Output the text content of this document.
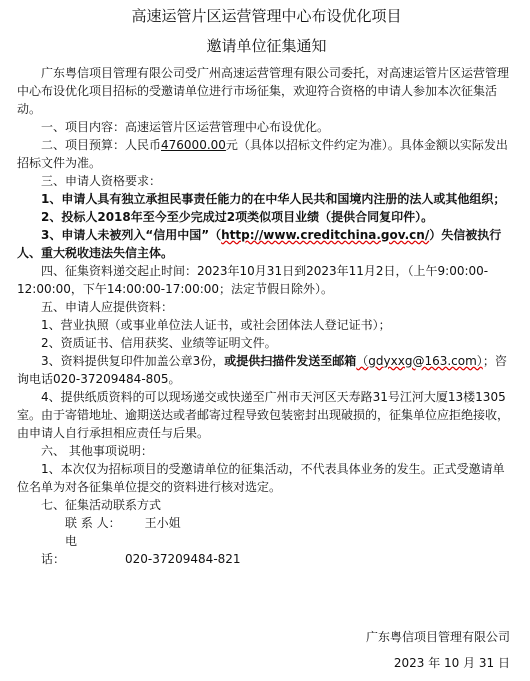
高速运管片区运营管理中心布设优化项目
邀请单位征集通知

广东粤信项目管理有限公司受广州高速运营管理有限公司委托，对高速运管片区运营管理中心布设优化项目招标的受邀请单位进行市场征集，欢迎符合资格的申请人参加本次征集活动。

一、项目内容：高速运管片区运营管理中心布设优化。

二、项目预算：人民币476000.00元（具体以招标文件约定为准）。具体金额以实际发出招标文件为准。

三、申请人资格要求：

1、申请人具有独立承担民事责任能力的在中华人民共和国境内注册的法人或其他组织；

2、投标人2018年至今至少完成过2项类似项目业绩（提供合同复印件）。

3、申请人未被列入“信用中国”（http://www.creditchina.gov.cn/）失信被执行人、重大税收违法失信主体。

四、征集资料递交起止时间：2023年10月31日到2023年11月2日，（上午9:00:00-12:00:00，下午14:00:00-17:00:00；法定节假日除外）。

五、申请人应提供资料：

1、营业执照（或事业单位法人证书，或社会团体法人登记证书）；

2、资质证书、信用获奖、业绩等证明文件。

3、资料提供复印件加盖公章3份，或提供扫描件发送至邮箱（gdyxxg@163.com）；咨询电话020-37209484-805。

4、提供纸质资料的可以现场递交或快递至广州市天河区天寿路31号江河大厦13楼1305室。由于寄错地址、逾期送达或者邮寄过程导致包装密封出现破损的，征集单位应拒绝接收，由申请人自行承担相应责任与后果。

六、 其他事项说明：

1、本次仅为招标项目的受邀请单位的征集活动，不代表具体业务的发生。正式受邀请单位名单为对各征集单位提交的资料进行核对选定。

七、征集活动联系方式

联 系 人： 王小姐

电　　话：	020-37209484-821

广东粤信项目管理有限公司
2023 年 10 月 31 日
